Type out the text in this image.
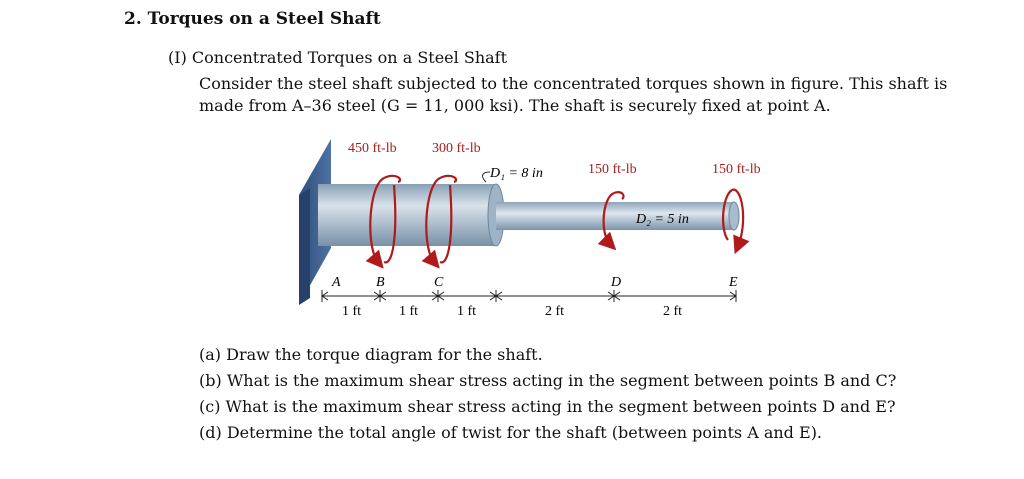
2. Torques on a Steel Shaft
(I) Concentrated Torques on a Steel Shaft

Consider the steel shaft subjected to the concentrated torques shown in figure. This shaft is

made from A–36 steel (G = 11, 000 ksi). The shaft is securely fixed at point A.

450 ft-lb	300 ft-lb
150 ft-lb	150 ft-lb
D₁ = 8 in
D₂ = 5 in
A	B	C	D	E
1 ft	1 ft	1 ft	2 ft	2 ft
(a) Draw the torque diagram for the shaft.
(b) What is the maximum shear stress acting in the segment between points B and C?
(c) What is the maximum shear stress acting in the segment between points D and E?
(d) Determine the total angle of twist for the shaft (between points A and E).
